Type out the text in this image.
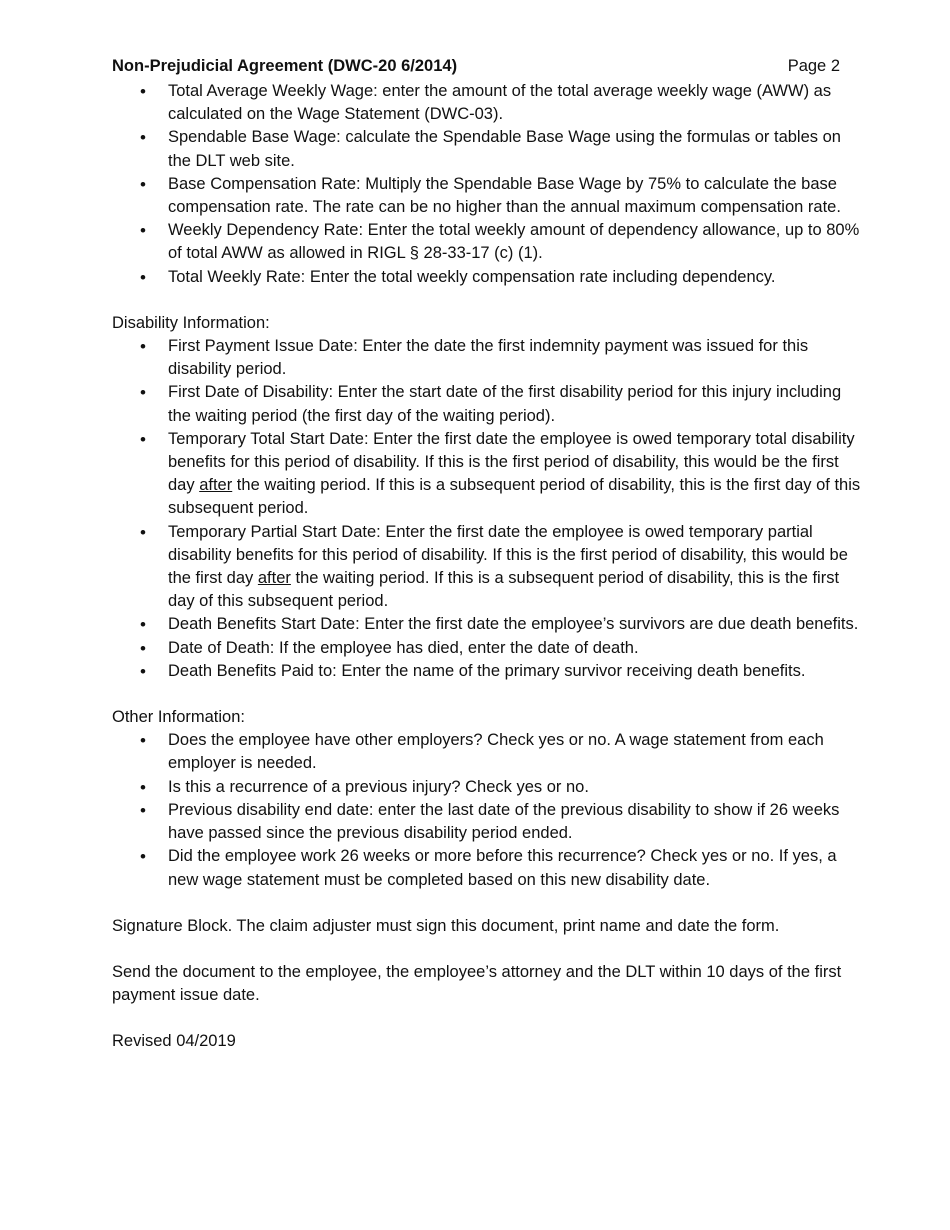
Non-Prejudicial Agreement (DWC-20 6/2014)	Page 2
• Total Average Weekly Wage: enter the amount of the total average weekly wage (AWW) as calculated on the Wage Statement (DWC-03).
• Spendable Base Wage: calculate the Spendable Base Wage using the formulas or tables on the DLT web site.
• Base Compensation Rate: Multiply the Spendable Base Wage by 75% to calculate the base compensation rate. The rate can be no higher than the annual maximum compensation rate.
• Weekly Dependency Rate: Enter the total weekly amount of dependency allowance, up to 80% of total AWW as allowed in RIGL § 28-33-17 (c) (1).
• Total Weekly Rate: Enter the total weekly compensation rate including dependency.

Disability Information:

• First Payment Issue Date: Enter the date the first indemnity payment was issued for this disability period.
• First Date of Disability: Enter the start date of the first disability period for this injury including the waiting period (the first day of the waiting period).
• Temporary Total Start Date: Enter the first date the employee is owed temporary total disability benefits for this period of disability. If this is the first period of disability, this would be the first day after the waiting period. If this is a subsequent period of disability, this is the first day of this subsequent period.
• Temporary Partial Start Date: Enter the first date the employee is owed temporary partial disability benefits for this period of disability. If this is the first period of disability, this would be the first day after the waiting period. If this is a subsequent period of disability, this is the first day of this subsequent period.
• Death Benefits Start Date: Enter the first date the employee’s survivors are due death benefits.
• Date of Death: If the employee has died, enter the date of death.
• Death Benefits Paid to: Enter the name of the primary survivor receiving death benefits.

Other Information:

• Does the employee have other employers? Check yes or no. A wage statement from each employer is needed.
• Is this a recurrence of a previous injury? Check yes or no.
• Previous disability end date: enter the last date of the previous disability to show if 26 weeks have passed since the previous disability period ended.
• Did the employee work 26 weeks or more before this recurrence? Check yes or no. If yes, a new wage statement must be completed based on this new disability date.

Signature Block. The claim adjuster must sign this document, print name and date the form.

Send the document to the employee, the employee’s attorney and the DLT within 10 days of the first payment issue date.

Revised 04/2019
